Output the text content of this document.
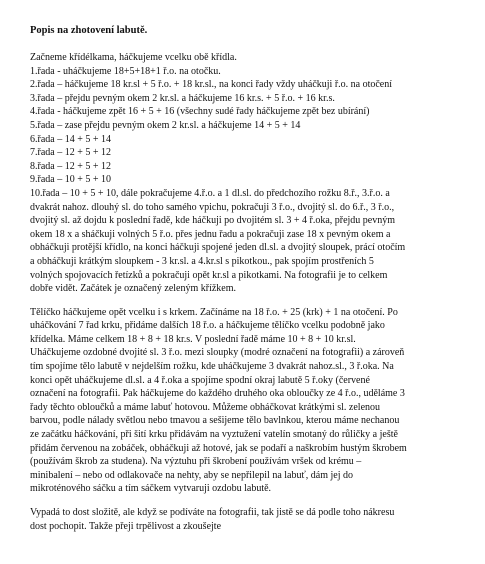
Popis na zhotovení labutě.
Začneme křídélkama, háčkujeme vcelku obě křídla.
1.řada - uháčkujeme 18+5+18+1 ř.o. na otočku.
2.řada – háčkujeme 18 kr.sl + 5 ř.o. + 18 kr.sl., na konci řady vždy uháčkuji ř.o. na otočení
3.řada – přejdu pevným okem 2 kr.sl. a háčkujeme 16 kr.s. + 5 ř.o. + 16 kr.s.
4.řada - háčkujeme zpět 16 + 5 + 16 (všechny sudé řady háčkujeme zpět bez ubírání)
5.řada – zase přejdu pevným okem 2 kr.sl. a háčkujeme 14 + 5 + 14
6.řada – 14 + 5 + 14
7.řada – 12 + 5 + 12
8.řada – 12 + 5 + 12
9.řada – 10 + 5 + 10
10.řada – 10 + 5 + 10, dále pokračujeme 4.ř.o. a 1 dl.sl. do předchozího rožku 8.ř., 3.ř.o. a
dvakrát nahoz. dlouhý sl. do toho samého vpichu, pokračuji 3 ř.o., dvojitý sl. do 6.ř., 3 ř.o.,
dvojitý sl. až dojdu k poslední řadě, kde háčkuji po dvojitém sl. 3 + 4 ř.oka, přejdu pevným
okem 18 x a sháčkuji volných 5 ř.o. přes jednu řadu a pokračuji zase 18 x pevným okem a
obháčkuji protější křídlo, na konci háčkuji spojené jeden dl.sl. a dvojitý sloupek, prácí otočím
a obháčkuji krátkým sloupkem - 3 kr.sl. a 4.kr.sl s pikotkou., pak spojím prostřeních 5
volných spojovacích řetízků a pokračuji opět kr.sl a pikotkami. Na fotografii je to celkem
dobře vidět. Začátek je označený zeleným křížkem.
Tělíčko háčkujeme opět vcelku i s krkem. Začínáme na 18 ř.o. + 25 (krk) + 1 na otočení. Po
uháčkování 7 řad krku, přidáme dalších 18 ř.o. a háčkujeme tělíčko vcelku podobně jako
křídelka. Máme celkem 18 + 8 + 18 kr.s. V poslední řadě máme 10 + 8 + 10 kr.sl.
Uháčkujeme ozdobné dvojité sl. 3 ř.o. mezi sloupky (modré označení na fotografii) a zároveň
tím spojíme tělo labutě v nejdelším rožku, kde uháčkujeme 3 dvakrát nahoz.sl., 3 ř.oka. Na
konci opět uháčkujeme dl.sl. a 4 ř.oka a spojíme spodní okraj labutě 5 ř.oky (červené
označení na fotografii. Pak háčkujeme do každého druhého oka obloučky ze 4 ř.o., uděláme 3
řady těchto obloučků a máme labuť hotovou. Můžeme obháčkovat krátkými sl. zelenou
barvou, podle nálady světlou nebo tmavou a sešijeme tělo bavlnkou, kterou máme nechanou
ze začátku háčkování, při šití krku přidávám na vyztužení vatelín smotaný do růličky a ještě
přidám červenou na zobáček, obháčkuji až hotové, jak se podaří a naškrobím hustým škrobem
(používám škrob za studena). Na výztuhu při škrobení používám vršek od krému –
minibalení – nebo od odlakovače na nehty, aby se nepřilepil na labuť, dám jej do
mikroténového sáčku a tím sáčkem vytvaruji ozdobu labutě.
Vypadá to dost složitě, ale když se podíváte na fotografii, tak jistě se dá podle toho nákresu
dost pochopit. Takže přeji trpělivost a zkoušejte
